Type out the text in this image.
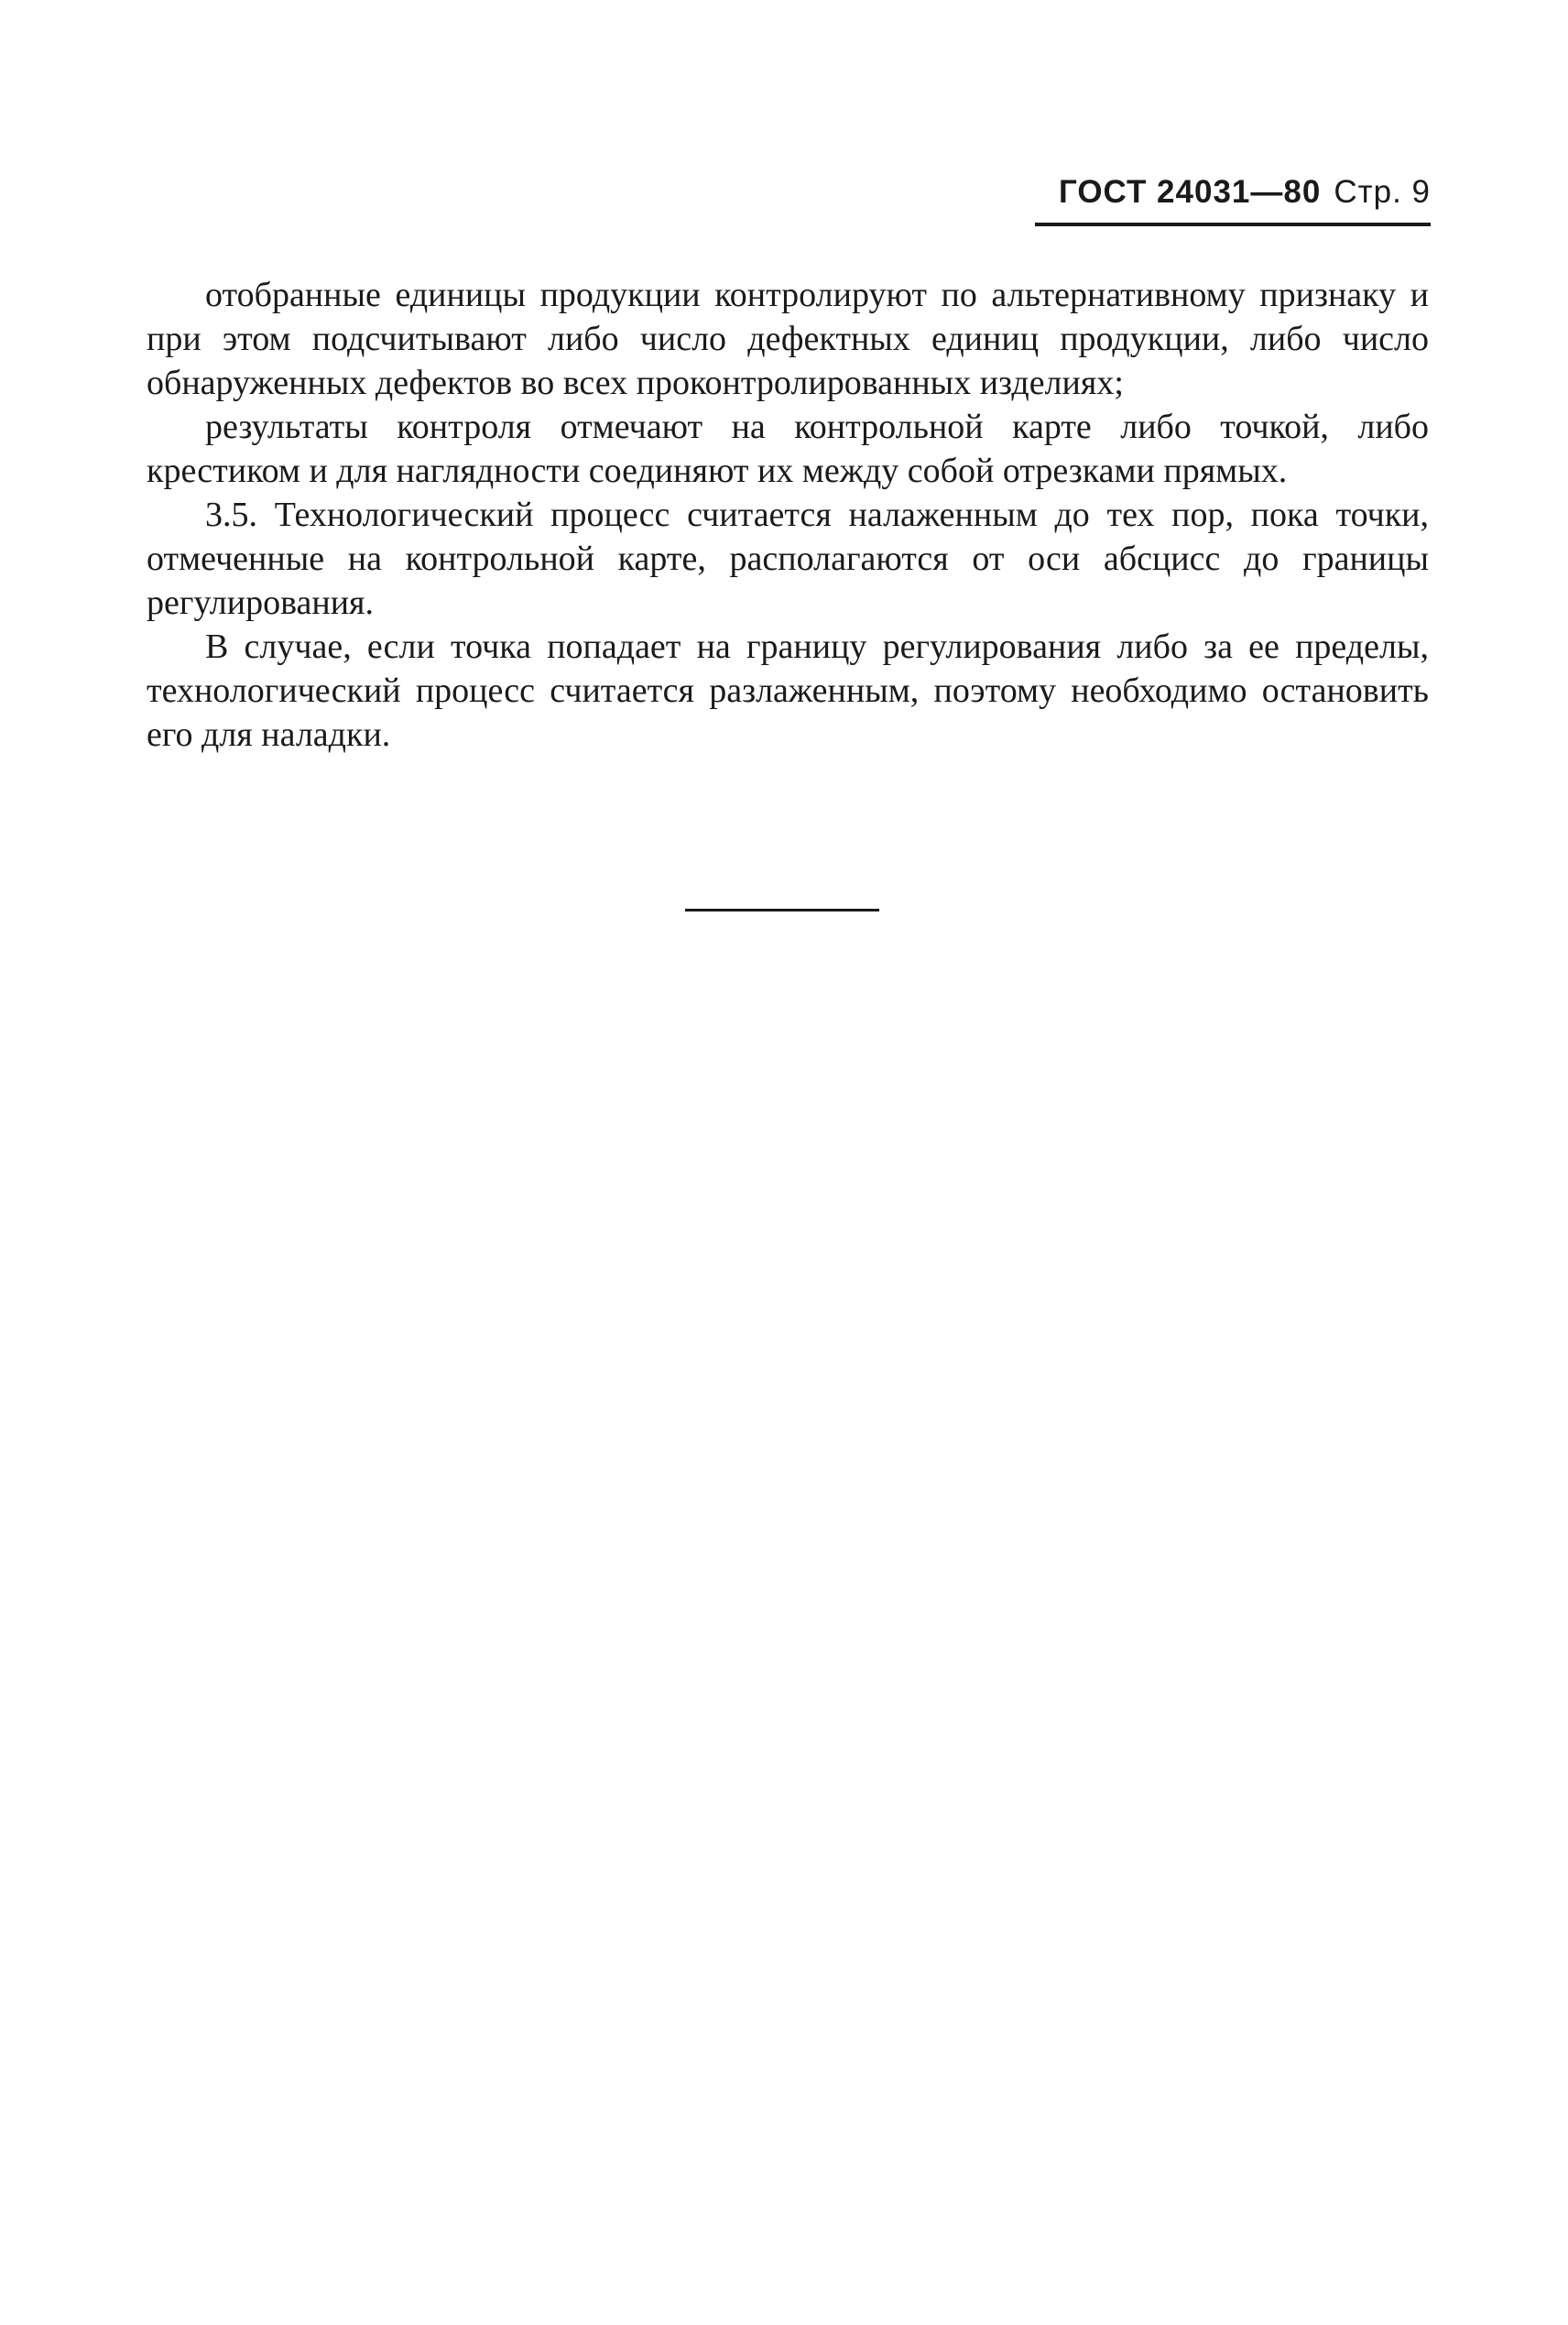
ГОСТ 24031—80 Стр. 9

отобранные единицы продукции контролируют по альтернативному признаку и при этом подсчитывают либо число дефектных единиц продукции, либо число обнаруженных дефектов во всех проконтролированных изделиях;

результаты контроля отмечают на контрольной карте либо точкой, либо крестиком и для наглядности соединяют их между собой отрезками прямых.

3.5. Технологический процесс считается налаженным до тех пор, пока точки, отмеченные на контрольной карте, располагаются от оси абсцисс до границы регулирования.

В случае, если точка попадает на границу регулирования либо за ее пределы, технологический процесс считается разлаженным, поэтому необходимо остановить его для наладки.
